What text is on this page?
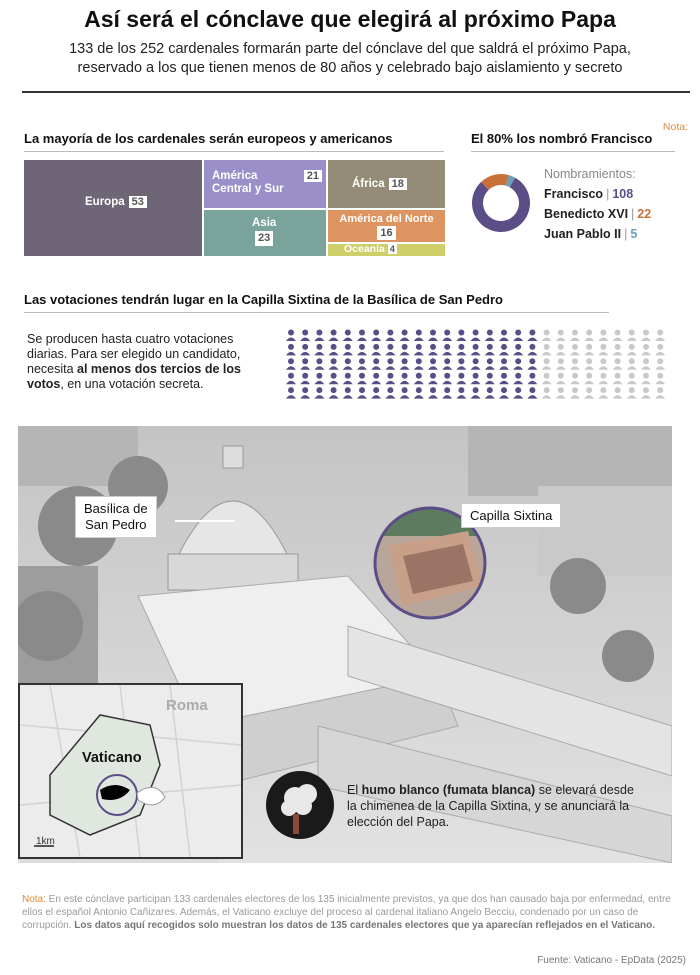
Así será el cónclave que elegirá al próximo Papa
133 de los 252 cardenales formarán parte del cónclave del que saldrá el próximo Papa,
reservado a los que tienen menos de 80 años y celebrado bajo aislamiento y secreto
La mayoría de los cardenales serán europeos y americanos
Europa 53
América
Central y Sur
21
África 18
Asia
23
América del Norte
16
Oceanía 4
Nota:
El 80% los nombró Francisco
Nombramientos:
Francisco | 108
Benedicto XVI | 22
Juan Pablo II | 5
Las votaciones tendrán lugar en la Capilla Sixtina de la Basílica de San Pedro
Se producen hasta cuatro votaciones diarias. Para ser elegido un candidato, necesita al menos dos tercios de los votos, en una votación secreta.
Basílica de
San Pedro
Capilla Sixtina
Roma
Vaticano
1km
El humo blanco (fumata blanca) se elevará desde la chimenea de la Capilla Sixtina, y se anunciará la elección del Papa.
Nota: En este cónclave participan 133 cardenales electores de los 135 inicialmente previstos, ya que dos han causado baja por enfermedad, entre ellos el español Antonio Cañizares. Además, el Vaticano excluye del proceso al cardenal italiano Angelo Becciu, condenado por un caso de corrupción. Los datos aquí recogidos solo muestran los datos de 135 cardenales electores que ya aparecían reflejados en el Vaticano.
Fuente: Vaticano - EpData (2025)
